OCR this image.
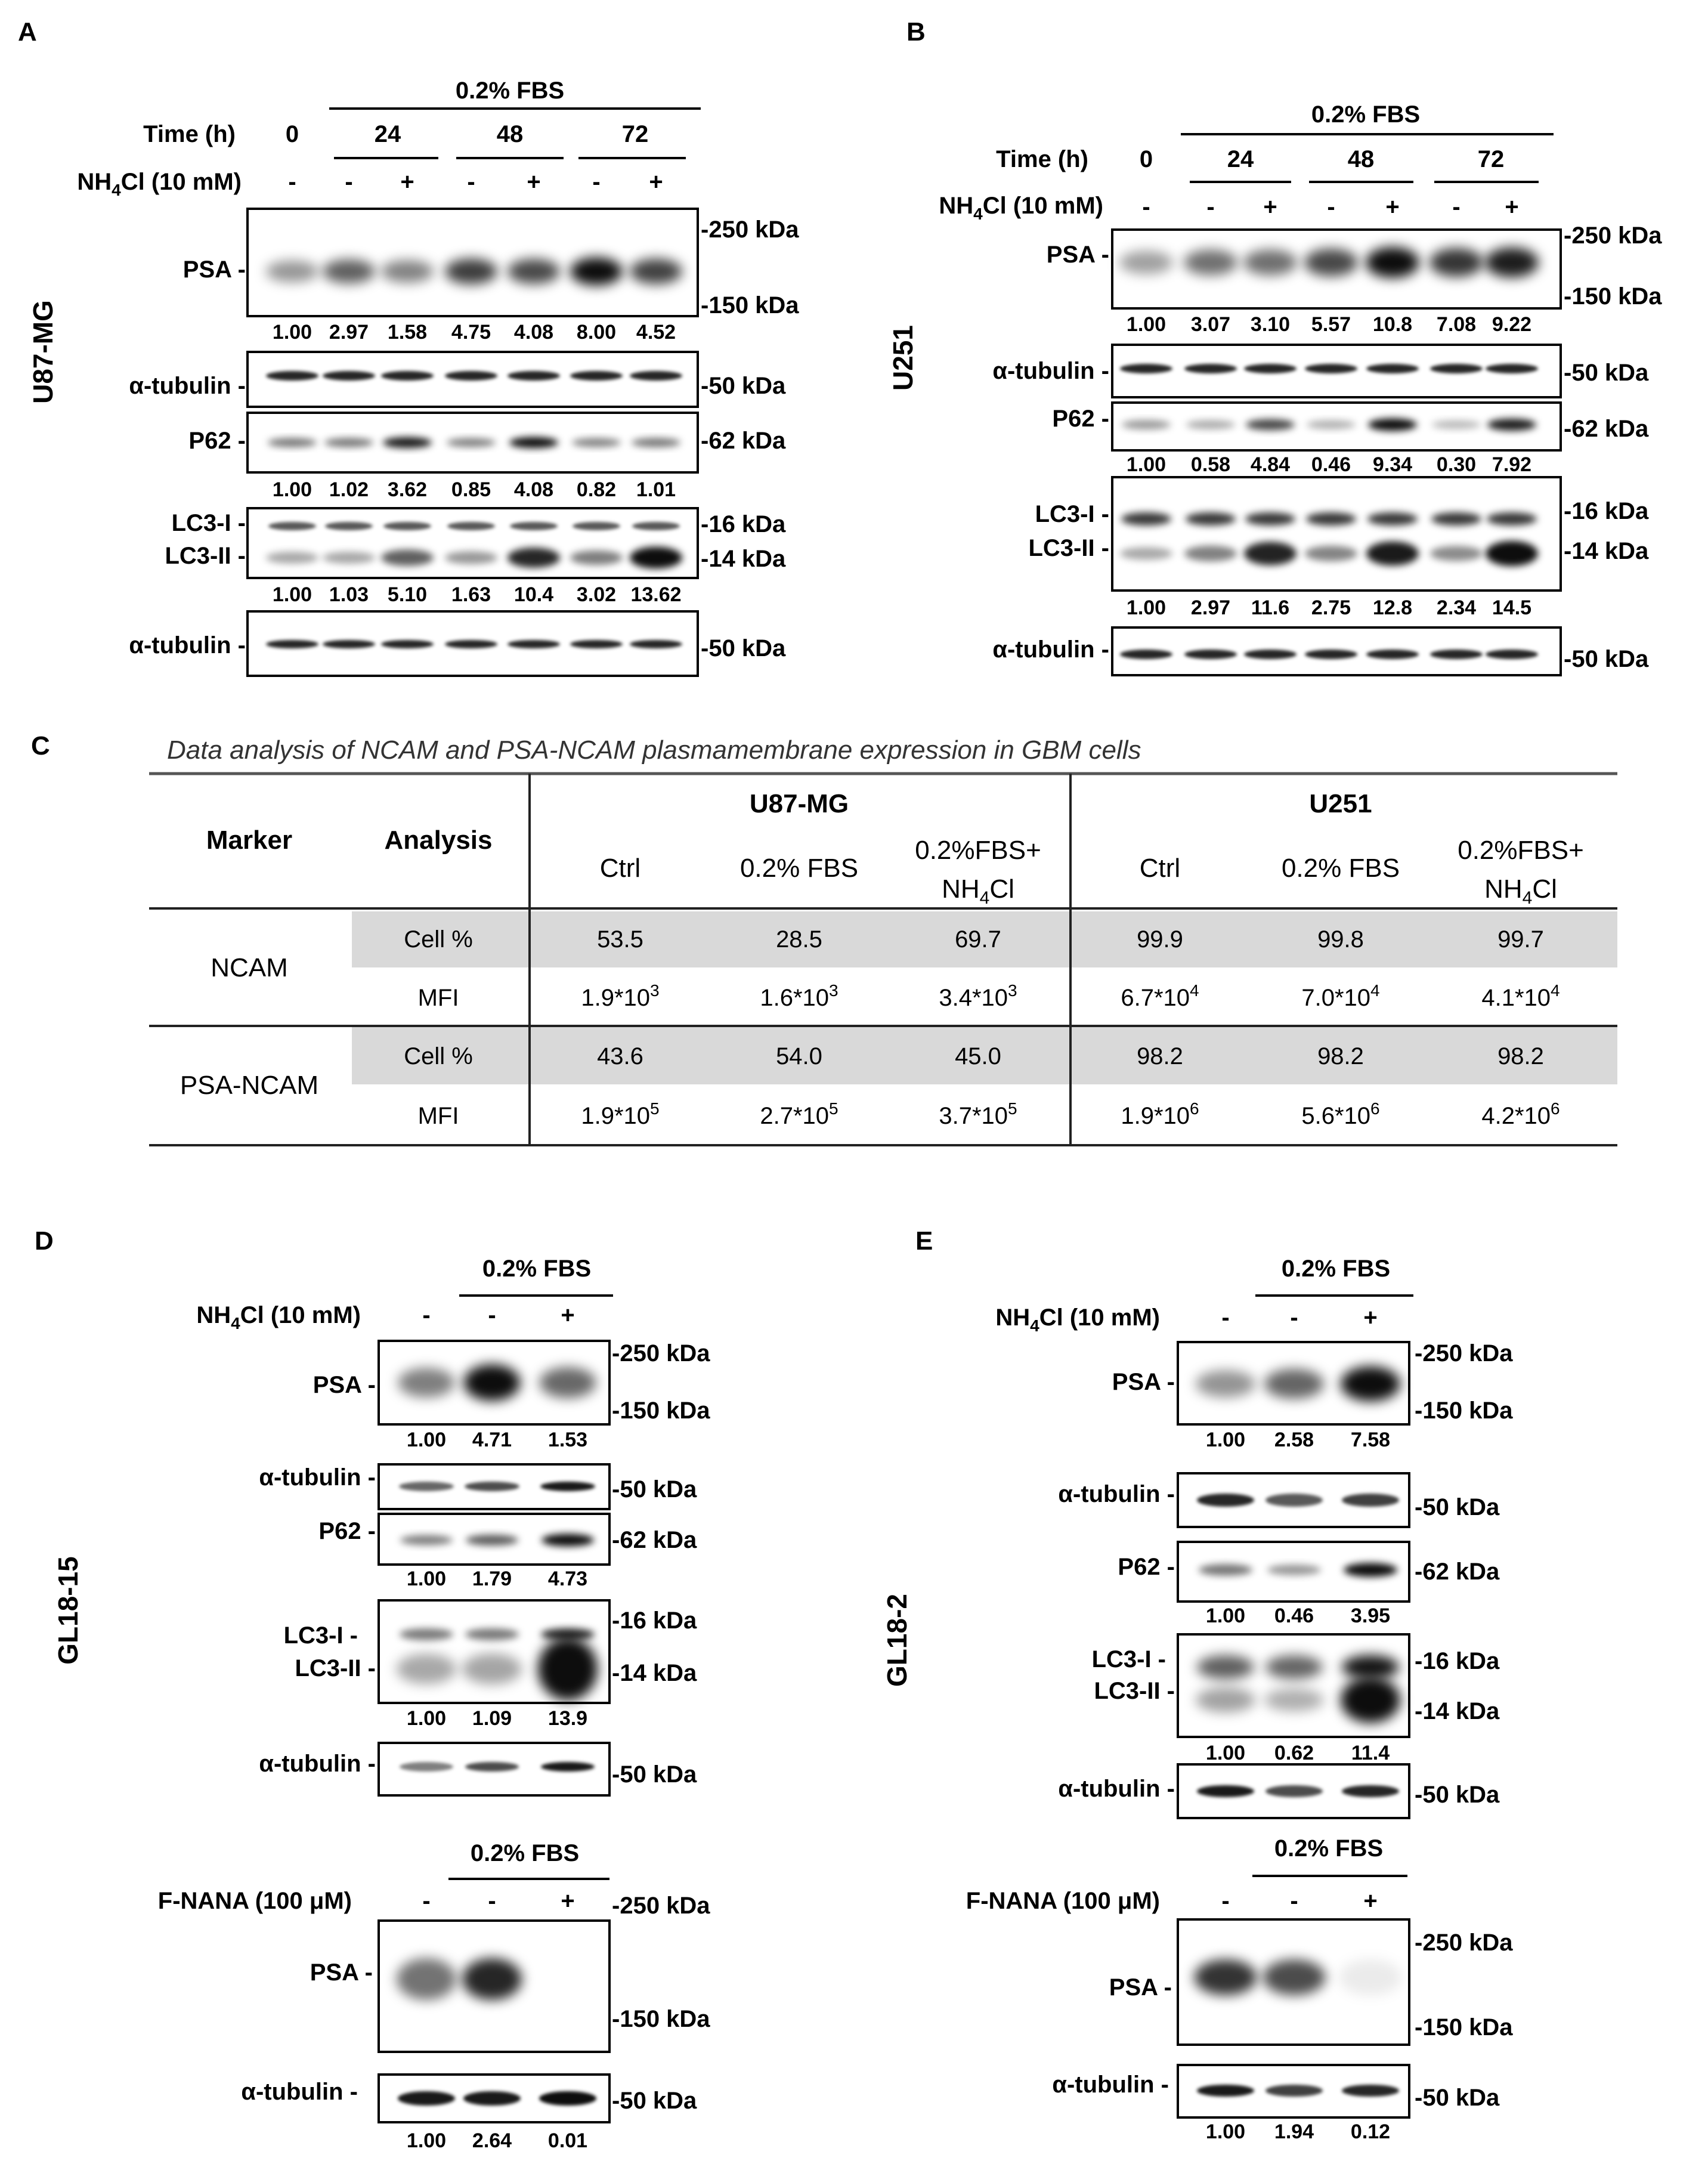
A
U87-MG
0.2% FBS
Time (h) 0	24	48	72
$NH_4Cl$ (10 mM) - - + - + - +
PSA -
-250 kDa
-150 kDa
1.00 2.97 1.58 4.75 4.08 8.00 4.52
α-tubulin -	-50 kDa
P62 -	-62 kDa
1.00 1.02 3.62 0.85 4.08 0.82 1.01
LC3-I -
LC3-II -
-16 kDa
-14 kDa
1.00 1.03 5.10 1.63 10.4 3.02 13.62
α-tubulin -	-50 kDa
B
U251
0.2% FBS
Time (h) 0	24	48	72
$NH_4Cl$ (10 mM) - - + - + - +
PSA -
-250 kDa
-150 kDa
1.00 3.07 3.10 5.57 10.8 7.08 9.22
α-tubulin -	-50 kDa
P62 -	-62 kDa
1.00 0.58 4.84 0.46 9.34 0.30 7.92
LC3-I -
LC3-II -
-16 kDa
-14 kDa
1.00 2.97 11.6 2.75 12.8 2.34 14.5
α-tubulin -	-50 kDa
C	Data analysis of NCAM and PSA-NCAM plasmamembrane expression in GBM cells
Marker	Analysis
U87-MG	U251
Ctrl	0.2% FBS
0.2%FBS+
$NH_4Cl$
Ctrl	0.2% FBS
0.2%FBS+
$NH_4Cl$
NCAM
Cell %	53.5	28.5	69.7	99.9	99.8	99.7
MFI	$1.9*10^3$	$1.6*10^3$	$3.4*10^3$	$6.7*10^4$	$7.0*10^4$	$4.1*10^4$
PSA-NCAM
Cell %	43.6	54.0	45.0	98.2	98.2	98.2
MFI	$1.9*10^5$	$2.7*10^5$	$3.7*10^5$	$1.9*10^6$	$5.6*10^6$	$4.2*10^6$
D
GL18-15
0.2% FBS
$NH_4Cl$ (10 mM)	- -	+
PSA -
-250 kDa
-150 kDa
1.00 4.71 1.53
α-tubulin -	-50 kDa
P62 -	-62 kDa
1.00 1.79 4.73
LC3-I -
LC3-II -
-16 kDa
-14 kDa
1.00 1.09 13.9
α-tubulin -	-50 kDa
0.2% FBS
F-NANA (100 μM)	- -	+ -250 kDa
PSA -
-150 kDa
α-tubulin -	-50 kDa
1.00 2.64 0.01
E
GL18-2
0.2% FBS
$NH_4Cl$ (10 mM)	-	-	+
PSA -
-250 kDa
-150 kDa
1.00 2.58 7.58
α-tubulin -	-50 kDa
P62 -	-62 kDa
1.00 0.46 3.95
LC3-I -
LC3-II -
-16 kDa
-14 kDa
1.00 0.62 11.4
α-tubulin -	-50 kDa
0.2% FBS
F-NANA (100 μM)	-	-	+
PSA -
-250 kDa
-150 kDa
α-tubulin -	-50 kDa
1.00 1.94 0.12
